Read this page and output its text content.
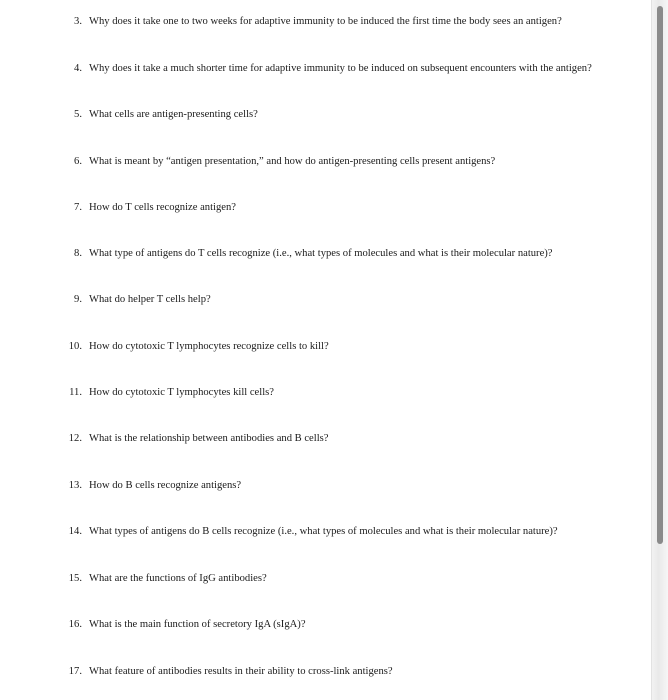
3. Why does it take one to two weeks for adaptive immunity to be induced the first time the body sees an antigen?
4. Why does it take a much shorter time for adaptive immunity to be induced on subsequent encounters with the antigen?
5. What cells are antigen-presenting cells?
6. What is meant by “antigen presentation,” and how do antigen-presenting cells present antigens?
7. How do T cells recognize antigen?
8. What type of antigens do T cells recognize (i.e., what types of molecules and what is their molecular nature)?
9. What do helper T cells help?
10. How do cytotoxic T lymphocytes recognize cells to kill?
11. How do cytotoxic T lymphocytes kill cells?
12. What is the relationship between antibodies and B cells?
13. How do B cells recognize antigens?
14. What types of antigens do B cells recognize (i.e., what types of molecules and what is their molecular nature)?
15. What are the functions of IgG antibodies?
16. What is the main function of secretory IgA (sIgA)?
17. What feature of antibodies results in their ability to cross-link antigens?
